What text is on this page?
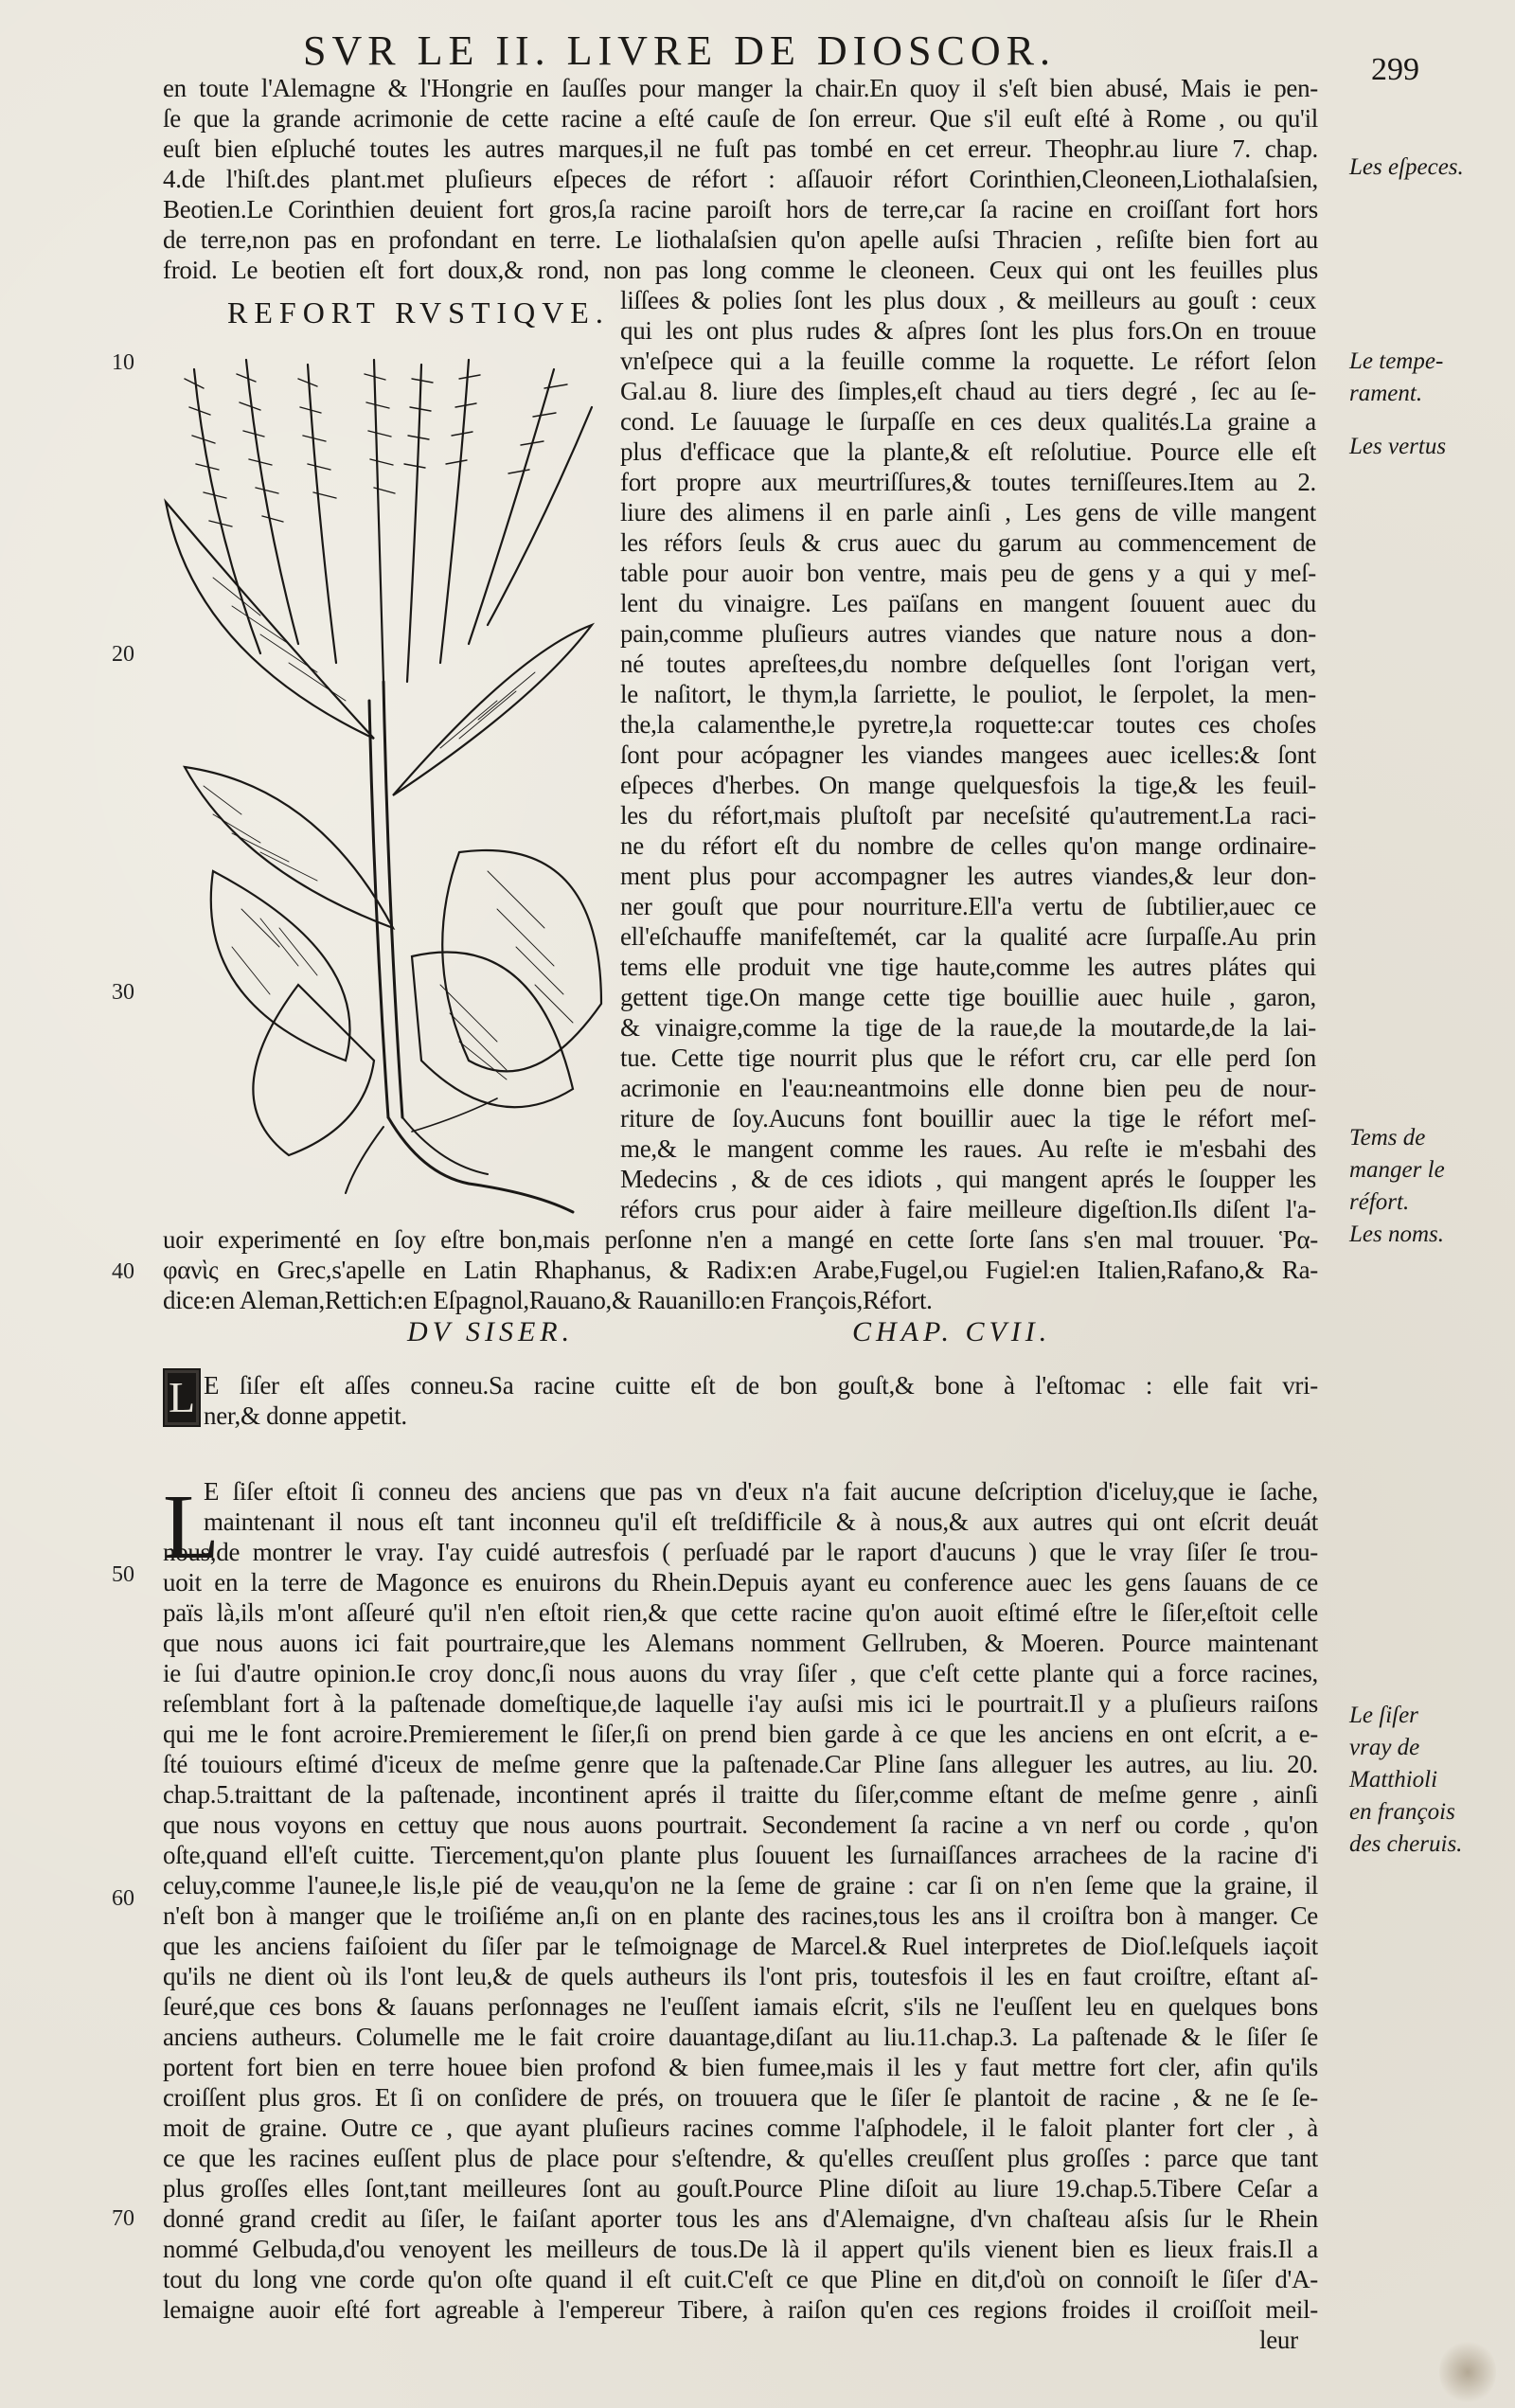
SVR LE II. LIVRE DE DIOSCOR.	299
en toute l'Alemagne & l'Hongrie en ſauſſes pour manger la chair.En quoy il s'eſt bien abusé, Mais ie pen-
ſe que la grande acrimonie de cette racine a eſté cauſe de ſon erreur. Que s'il euſt eſté à Rome , ou qu'il
euſt bien eſpluché toutes les autres marques,il ne fuſt pas tombé en cet erreur. Theophr.au liure 7. chap.
4.de l'hiſt.des plant.met pluſieurs eſpeces de réfort : aſſauoir réfort Corinthien,Cleoneen,Liothalaſsien,
Beotien.Le Corinthien deuient fort gros,ſa racine paroiſt hors de terre,car ſa racine en croiſſant fort hors
de terre,non pas en profondant en terre. Le liothalaſsien qu'on apelle auſsi Thracien , reſiſte bien fort au
froid. Le beotien eſt fort doux,& rond, non pas long comme le cleoneen. Ceux qui ont les feuilles plus
REFORT RVSTIQVE. liſſees & polies ſont les plus doux , & meilleurs au gouſt : ceux
qui les ont plus rudes & aſpres ſont les plus fors.On en trouue
vn'eſpece qui a la feuille comme la roquette. Le réfort ſelon
Gal.au 8. liure des ſimples,eſt chaud au tiers degré , ſec au ſe-
cond. Le ſauuage le ſurpaſſe en ces deux qualités.La graine a
plus d'efficace que la plante,& eſt reſolutiue. Pource elle eſt
fort propre aux meurtriſſures,& toutes terniſſeures.Item au 2.
liure des alimens il en parle ainſi , Les gens de ville mangent
les réfors ſeuls & crus auec du garum au commencement de
table pour auoir bon ventre, mais peu de gens y a qui y meſ-
lent du vinaigre. Les païſans en mangent ſouuent auec du
pain,comme pluſieurs autres viandes que nature nous a don-
né toutes apreſtees,du nombre deſquelles ſont l'origan vert,
le naſitort, le thym,la ſarriette, le pouliot, le ſerpolet, la men-
the,la calamenthe,le pyretre,la roquette:car toutes ces choſes
ſont pour acópagner les viandes mangees auec icelles:& ſont
eſpeces d'herbes. On mange quelquesfois la tige,& les feuil-
les du réfort,mais pluſtoſt par neceſsité qu'autrement.La raci-
ne du réfort eſt du nombre de celles qu'on mange ordinaire-
ment plus pour accompagner les autres viandes,& leur don-
ner gouſt que pour nourriture.Ell'a vertu de ſubtilier,auec ce
ell'eſchauffe manifeſtemét, car la qualité acre ſurpaſſe.Au prin
tems elle produit vne tige haute,comme les autres plátes qui
gettent tige.On mange cette tige bouillie auec huile , garon,
& vinaigre,comme la tige de la raue,de la moutarde,de la lai-
tue. Cette tige nourrit plus que le réfort cru, car elle perd ſon
acrimonie en l'eau:neantmoins elle donne bien peu de nour-
riture de ſoy.Aucuns font bouillir auec la tige le réfort meſ-
me,& le mangent comme les raues. Au reſte ie m'esbahi des
Medecins , & de ces idiots , qui mangent aprés le ſoupper les
réfors crus pour aider à faire meilleure digeſtion.Ils diſent l'a-
uoir experimenté en ſoy eſtre bon,mais perſonne n'en a mangé en cette ſorte ſans s'en mal trouuer. Ῥα-
φανὶς en Grec,s'apelle en Latin Rhaphanus, & Radix:en Arabe,Fugel,ou Fugiel:en Italien,Rafano,& Ra-
dice:en Aleman,Rettich:en Eſpagnol,Rauano,& Rauanillo:en François,Réfort.
DV SISER.	CHAP. CVII.
L E ſiſer eſt aſſes conneu.Sa racine cuitte eſt de bon gouſt,& bone à l'eſtomac : elle fait vri-
ner,& donne appetit.
L
E ſiſer eſtoit ſi conneu des anciens que pas vn d'eux n'a fait aucune deſcription d'iceluy,que ie ſache,
maintenant il nous eſt tant inconneu qu'il eſt treſdifficile & à nous,& aux autres qui ont eſcrit deuát
nous,de montrer le vray. I'ay cuidé autresfois ( perſuadé par le raport d'aucuns ) que le vray ſiſer ſe trou-
uoit en la terre de Magonce es enuirons du Rhein.Depuis ayant eu conference auec les gens ſauans de ce
païs là,ils m'ont aſſeuré qu'il n'en eſtoit rien,& que cette racine qu'on auoit eſtimé eſtre le ſiſer,eſtoit celle
que nous auons ici fait pourtraire,que les Alemans nomment Gellruben, & Moeren. Pource maintenant
ie ſui d'autre opinion.Ie croy donc,ſi nous auons du vray ſiſer , que c'eſt cette plante qui a force racines,
reſemblant fort à la paſtenade domeſtique,de laquelle i'ay auſsi mis ici le pourtrait.Il y a pluſieurs raiſons
qui me le font acroire.Premierement le ſiſer,ſi on prend bien garde à ce que les anciens en ont eſcrit, a e-
ſté touiours eſtimé d'iceux de meſme genre que la paſtenade.Car Pline ſans alleguer les autres, au liu. 20.
chap.5.traittant de la paſtenade, incontinent aprés il traitte du ſiſer,comme eſtant de meſme genre , ainſi
que nous voyons en cettuy que nous auons pourtrait. Secondement ſa racine a vn nerf ou corde , qu'on
oſte,quand ell'eſt cuitte. Tiercement,qu'on plante plus ſouuent les ſurnaiſſances arrachees de la racine d'i
celuy,comme l'aunee,le lis,le pié de veau,qu'on ne la ſeme de graine : car ſi on n'en ſeme que la graine, il
n'eſt bon à manger que le troiſiéme an,ſi on en plante des racines,tous les ans il croiſtra bon à manger. Ce
que les anciens faiſoient du ſiſer par le teſmoignage de Marcel.& Ruel interpretes de Dioſ.leſquels iaçoit
qu'ils ne dient où ils l'ont leu,& de quels autheurs ils l'ont pris, toutesfois il les en faut croiſtre, eſtant aſ-
ſeuré,que ces bons & ſauans perſonnages ne l'euſſent iamais eſcrit, s'ils ne l'euſſent leu en quelques bons
anciens autheurs. Columelle me le fait croire dauantage,diſant au liu.11.chap.3. La paſtenade & le ſiſer ſe
portent fort bien en terre houee bien profond & bien fumee,mais il les y faut mettre fort cler, afin qu'ils
croiſſent plus gros. Et ſi on conſidere de prés, on trouuera que le ſiſer ſe plantoit de racine , & ne ſe ſe-
moit de graine. Outre ce , que ayant pluſieurs racines comme l'aſphodele, il le faloit planter fort cler , à
ce que les racines euſſent plus de place pour s'eſtendre, & qu'elles creuſſent plus groſſes : parce que tant
plus groſſes elles ſont,tant meilleures ſont au gouſt.Pource Pline diſoit au liure 19.chap.5.Tibere Ceſar a
donné grand credit au ſiſer, le faiſant aporter tous les ans d'Alemaigne, d'vn chaſteau aſsis ſur le Rhein
nommé Gelbuda,d'ou venoyent les meilleurs de tous.De là il appert qu'ils vienent bien es lieux frais.Il a
tout du long vne corde qu'on oſte quand il eſt cuit.C'eſt ce que Pline en dit,d'où on connoiſt le ſiſer d'A-
lemaigne auoir eſté fort agreable à l'empereur Tibere, à raiſon qu'en ces regions froides il croiſſoit meil-
leur
Les eſpeces.
Le tempe-
rament.
Les vertus
Tems de
manger le
réfort.
Les noms.
Le ſiſer
vray de
Matthioli
en françois
des cheruis.
10
20
30
40
50
60
70
